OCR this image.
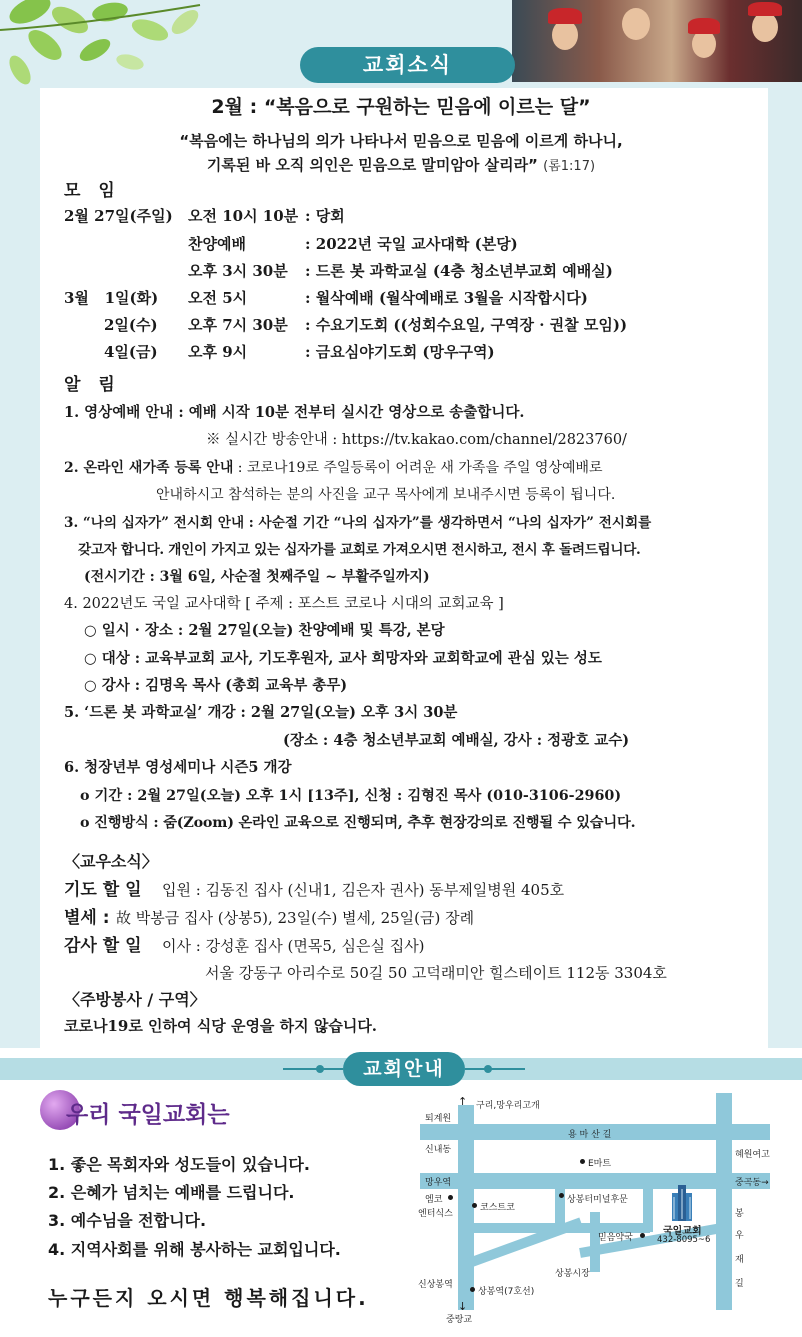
교회소식
2월 : “복음으로 구원하는 믿음에 이르는 달”
“복음에는 하나님의 의가 나타나서 믿음으로 믿음에 이르게 하나니,
기록된 바 오직 의인은 믿음으로 말미암아 살리라” (롬1:17)
모 임
2월 27일(주일) 오전 10시 10분 : 당회
찬양예배	: 2022년 국일 교사대학 (본당)
오후 3시 30분 : 드론 봇 과학교실 (4층 청소년부교회 예배실)
3월   1일(화) 오전 5시	: 월삭예배 (월삭예배로 3월을 시작합시다)
2일(수) 오후 7시 30분 : 수요기도회 ((성회수요일, 구역장 · 권찰 모임))
4일(금) 오후 9시	: 금요심야기도회 (망우구역)
알 림
1. 영상예배 안내 : 예배 시작 10분 전부터 실시간 영상으로 송출합니다.
※ 실시간 방송안내 : https://tv.kakao.com/channel/2823760/
2. 온라인 새가족 등록 안내 : 코로나19로 주일등록이 어려운 새 가족을 주일 영상예배로
안내하시고 참석하는 분의 사진을 교구 목사에게 보내주시면 등록이 됩니다.
3. “나의 십자가” 전시회 안내 : 사순절 기간 “나의 십자가”를 생각하면서 “나의 십자가” 전시회를
갖고자 합니다. 개인이 가지고 있는 십자가를 교회로 가져오시면 전시하고, 전시 후 돌려드립니다.
(전시기간 : 3월 6일, 사순절 첫째주일 ~ 부활주일까지)
4. 2022년도 국일 교사대학 [ 주제 : 포스트 코로나 시대의 교회교육 ]
○ 일시 · 장소 : 2월 27일(오늘) 찬양예배 및 특강, 본당
○ 대상 : 교육부교회 교사, 기도후원자, 교사 희망자와 교회학교에 관심 있는 성도
○ 강사 : 김명옥 목사 (총회 교육부 총무)
5. ‘드론 봇 과학교실’ 개강 : 2월 27일(오늘) 오후 3시 30분
(장소 : 4층 청소년부교회 예배실, 강사 : 정광호 교수)
6. 청장년부 영성세미나 시즌5 개강
o 기간 : 2월 27일(오늘) 오후 1시 [13주], 신청 : 김형진 목사 (010-3106-2960)
o 진행방식 : 줌(Zoom) 온라인 교육으로 진행되며, 추후 현장강의로 진행될 수 있습니다.
〈교우소식〉
기도 할 일 입원 : 김동진 집사 (신내1, 김은자 권사) 동부제일병원 405호
별세 : 故 박봉금 집사 (상봉5), 23일(수) 별세, 25일(금) 장례
감사 할 일 이사 : 강성훈 집사 (면목5, 심은실 집사)
서울 강동구 아리수로 50길 50 고덕래미안 힐스테이트 112동 3304호
〈주방봉사 / 구역〉
코로나19로 인하여 식당 운영을 하지 않습니다.
교회안내
우리 국일교회는
1. 좋은 목회자와 성도들이 있습니다.
2. 은혜가 넘치는 예배를 드립니다.
3. 예수님을 전합니다.
4. 지역사회를 위해 봉사하는 교회입니다.
누구든지 오시면 행복해집니다.
↑ 구리,망우리고개
퇴계원
용 마 산 길
신내동	혜원여고
E마트
망우역	중곡동→
엠코
엔터식스
코스트코
상봉터미널후문
믿음약국
국일교회
432-8095~6
봉
우
재
길
상봉시장
신상봉역
상봉역(7호선)
↓
중랑교
